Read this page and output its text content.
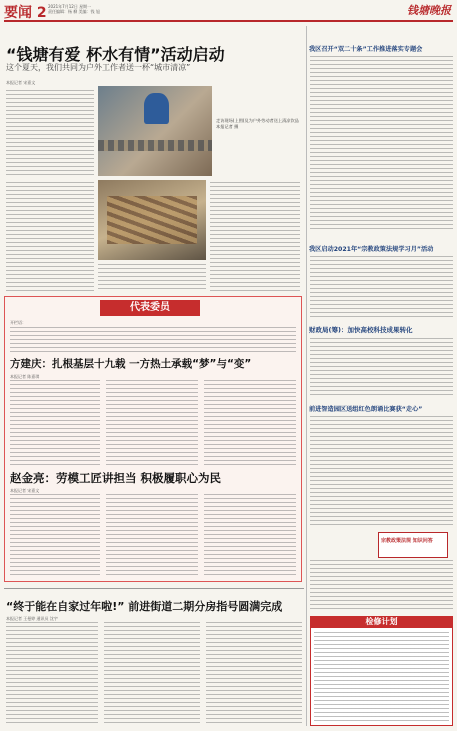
要闻 2 2021年7月12日 星期一
责任编辑：杨 柳 美编：钱 旭	钱塘晚报
“钱塘有爱 杯水有情”活动启动
这个夏天，我们共同为户外工作者送一杯“城市清凉”
本报记者 宋嘉文
走访现场(上图)及为户外劳动者送上清凉饮品 本报记者 摄
代表委员
开栏语：
方建庆：扎根基层十九载 一方热土承载“梦”与“变”
本报记者 陈嘉琪
赵金亮：劳模工匠讲担当 积极履职心为民
本报记者 宋嘉文
“终于能在自家过年啦!” 前进街道二期分房指号圆满完成
本报记者 王曼婷 通讯员 沈宇
我区召开“双二十条”工作推进落实专题会
我区启动2021年“宗教政策法规学习月”活动
财政局(筹)：加快高校科技成果转化
前进智造园区送组红色朗诵比赛获“走心”
宗教政策法规 知识问答
检修计划
